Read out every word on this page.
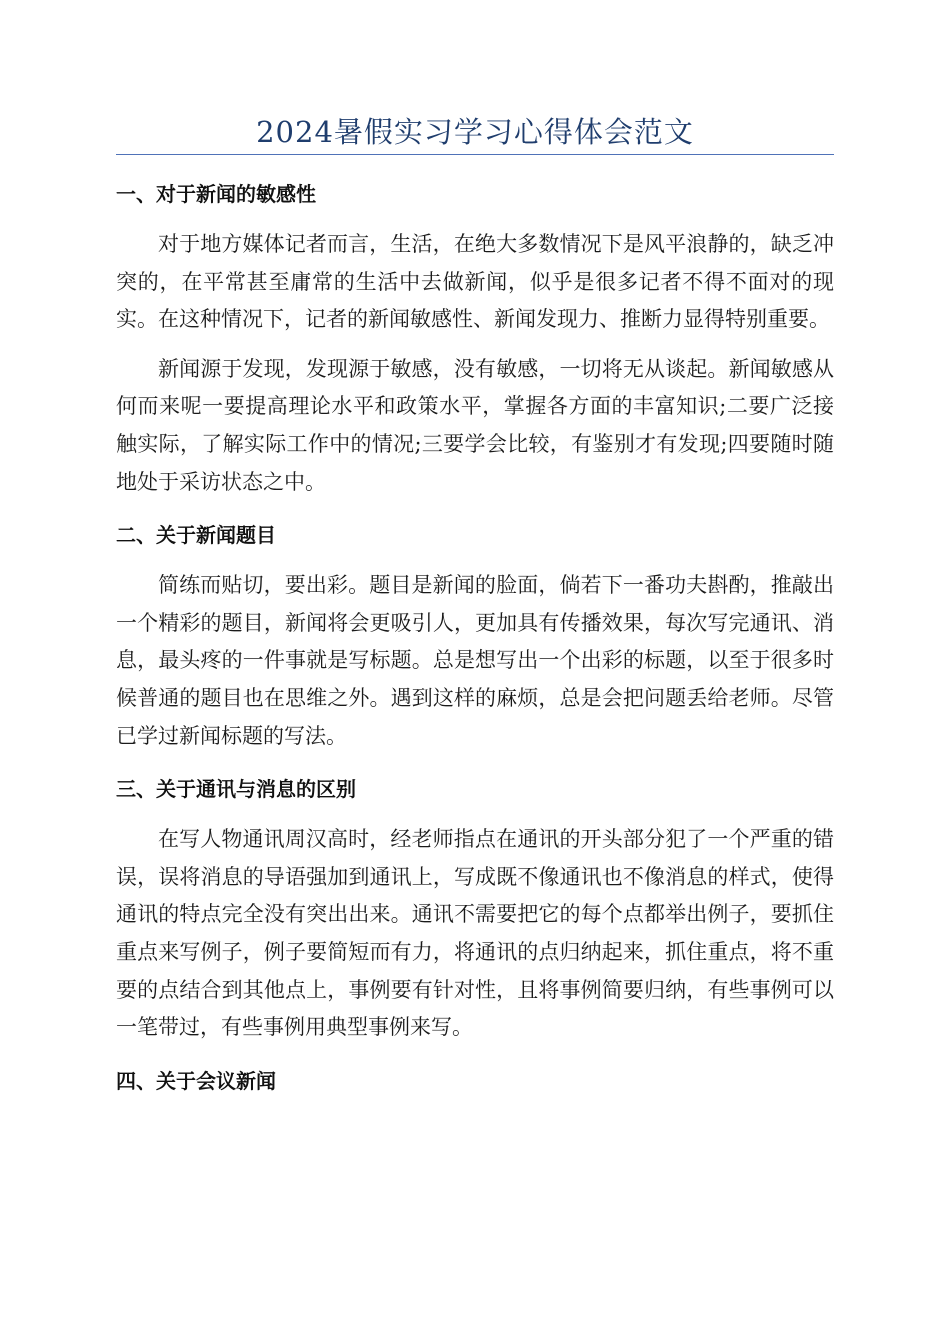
2024暑假实习学习心得体会范文
一、对于新闻的敏感性

对于地方媒体记者而言，生活，在绝大多数情况下是风平浪静的，缺乏冲突的，在平常甚至庸常的生活中去做新闻，似乎是很多记者不得不面对的现实。在这种情况下，记者的新闻敏感性、新闻发现力、推断力显得特别重要。

新闻源于发现，发现源于敏感，没有敏感，一切将无从谈起。新闻敏感从何而来呢一要提高理论水平和政策水平，掌握各方面的丰富知识;二要广泛接触实际，了解实际工作中的情况;三要学会比较，有鉴别才有发现;四要随时随地处于采访状态之中。

二、关于新闻题目

简练而贴切，要出彩。题目是新闻的脸面，倘若下一番功夫斟酌，推敲出一个精彩的题目，新闻将会更吸引人，更加具有传播效果，每次写完通讯、消息，最头疼的一件事就是写标题。总是想写出一个出彩的标题，以至于很多时候普通的题目也在思维之外。遇到这样的麻烦，总是会把问题丢给老师。尽管已学过新闻标题的写法。

三、关于通讯与消息的区别

在写人物通讯周汉高时，经老师指点在通讯的开头部分犯了一个严重的错误，误将消息的导语强加到通讯上，写成既不像通讯也不像消息的样式，使得通讯的特点完全没有突出出来。通讯不需要把它的每个点都举出例子，要抓住重点来写例子，例子要简短而有力，将通讯的点归纳起来，抓住重点，将不重要的点结合到其他点上，事例要有针对性，且将事例简要归纳，有些事例可以一笔带过，有些事例用典型事例来写。

四、关于会议新闻
